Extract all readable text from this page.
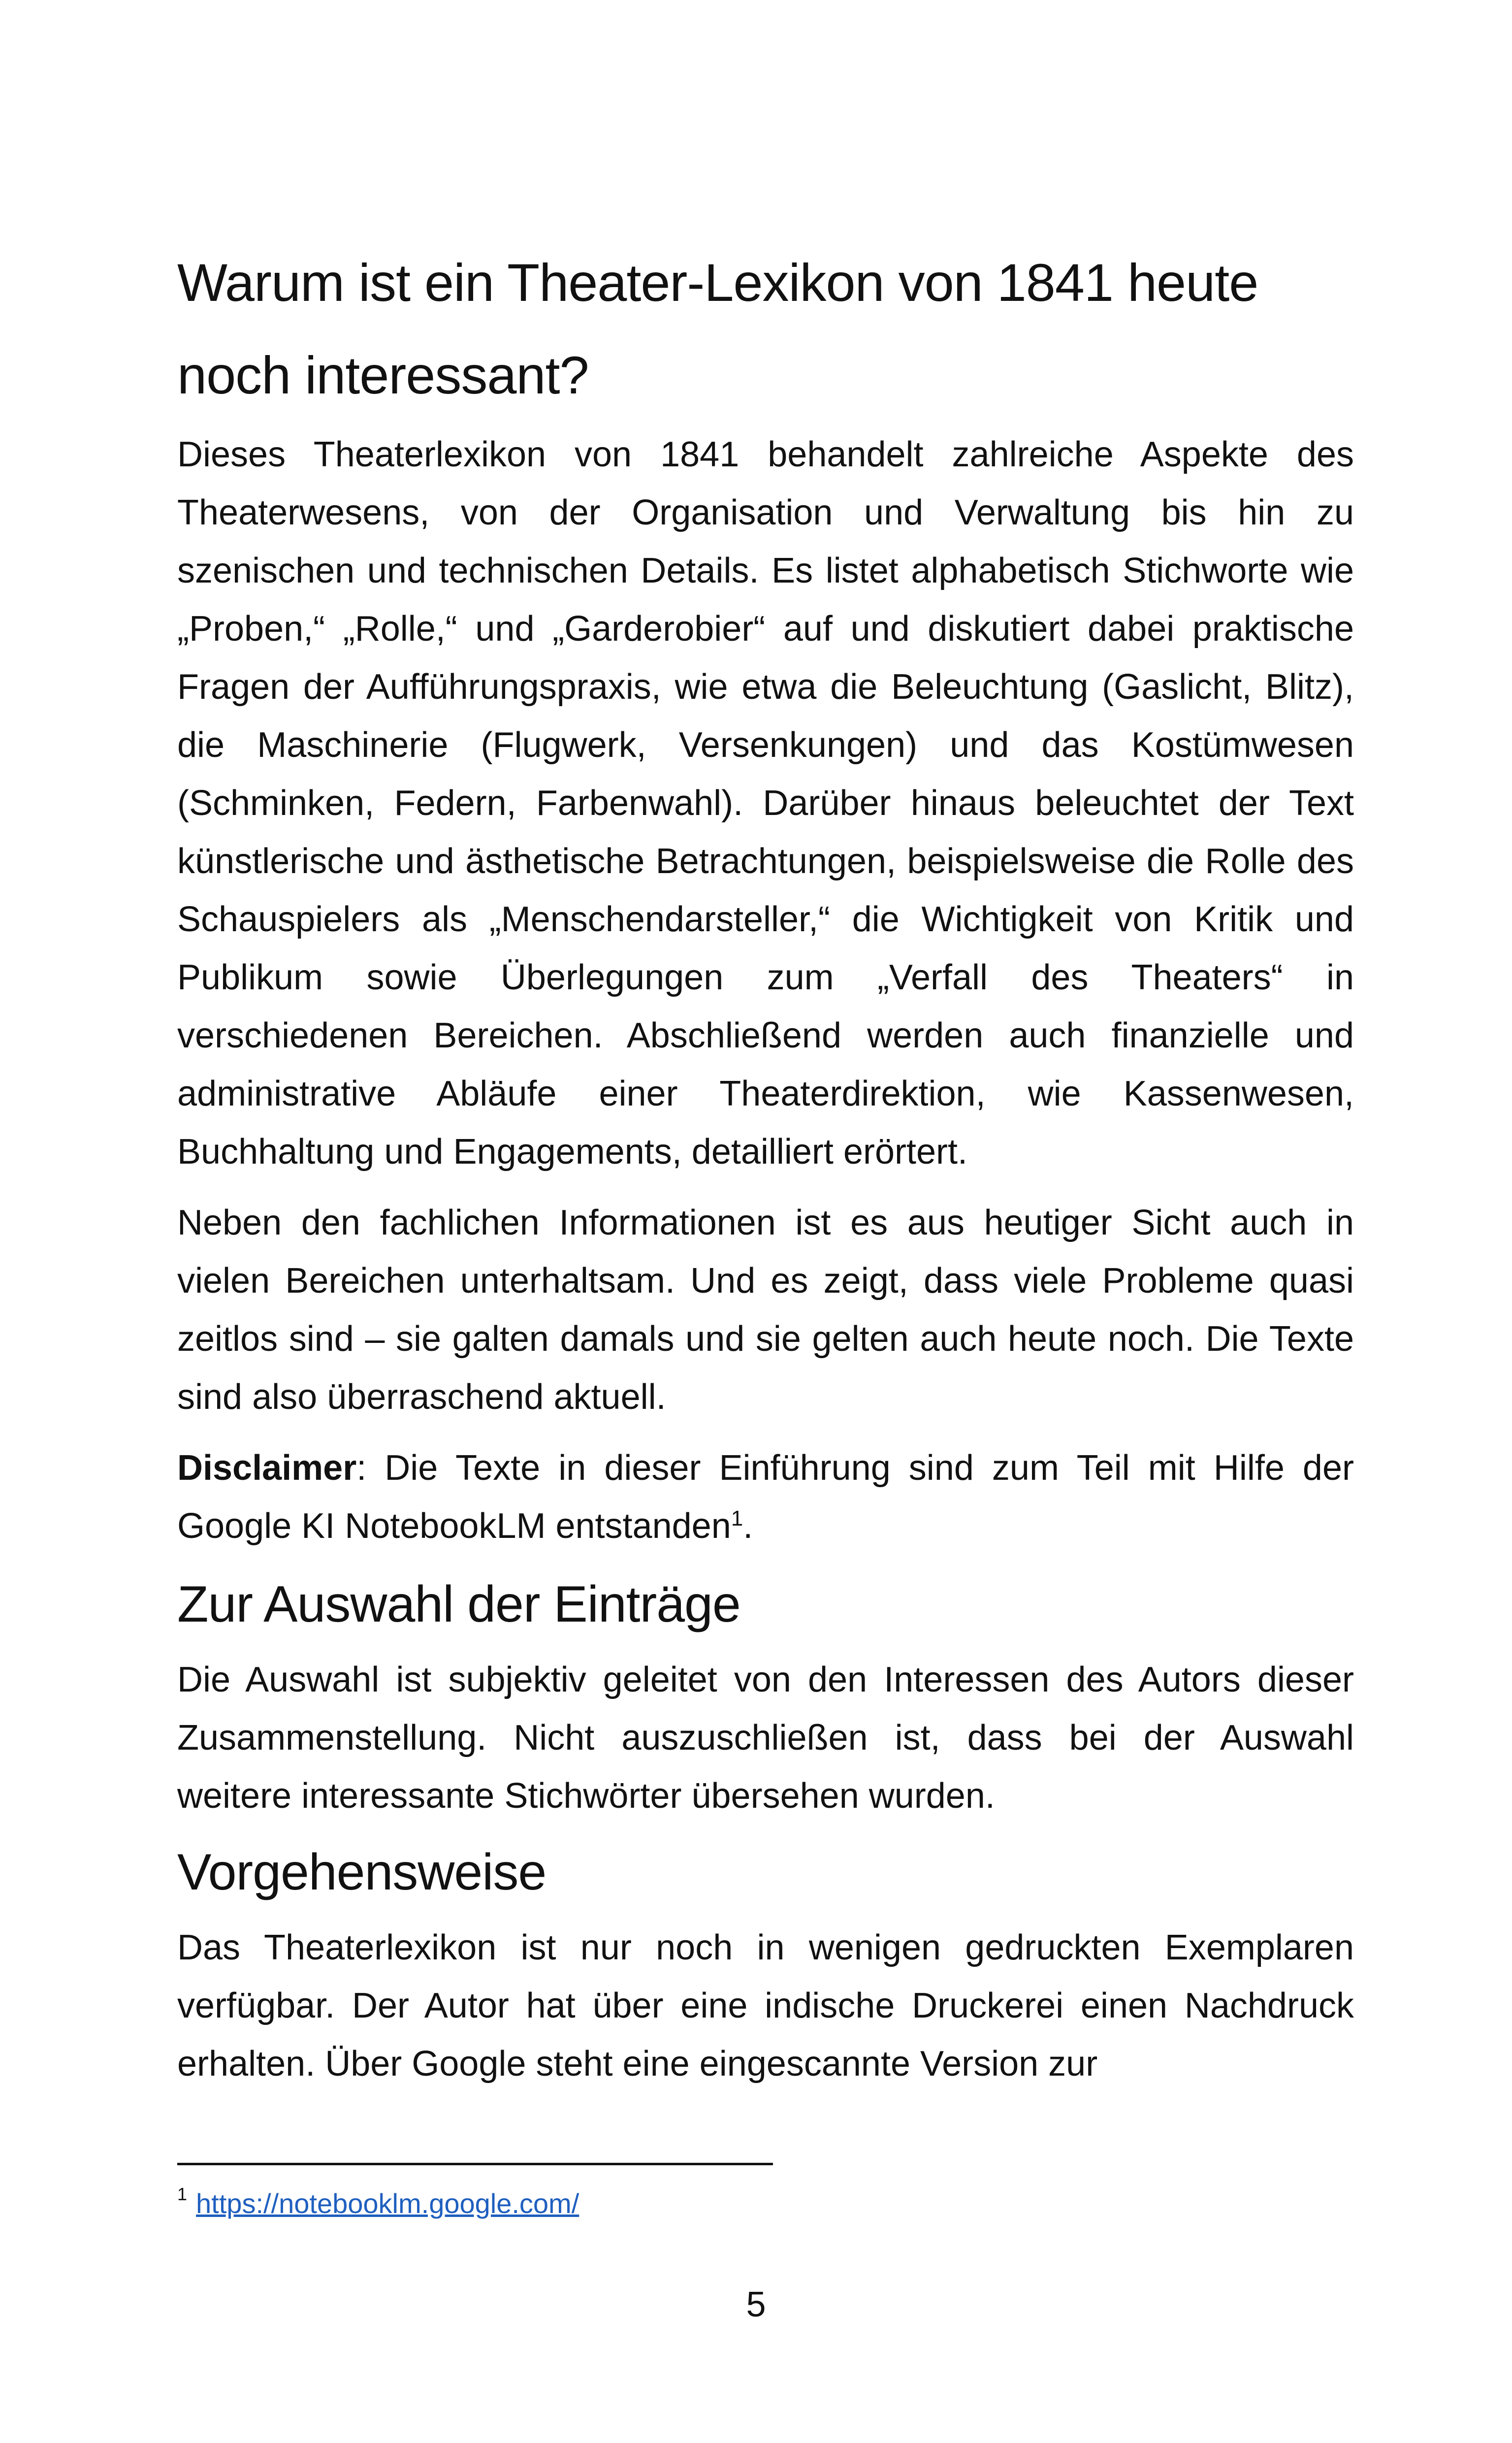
Warum ist ein Theater-Lexikon von 1841 heute noch interessant?

Dieses Theaterlexikon von 1841 behandelt zahlreiche Aspekte des Theaterwesens, von der Organisation und Verwaltung bis hin zu szenischen und technischen Details. Es listet alphabetisch Stichworte wie „Proben,“ „Rolle,“ und „Garderobier“ auf und diskutiert dabei praktische Fragen der Aufführungspraxis, wie etwa die Beleuchtung (Gaslicht, Blitz), die Maschinerie (Flugwerk, Versenkungen) und das Kostümwesen (Schminken, Federn, Farbenwahl). Darüber hinaus beleuchtet der Text künstlerische und ästhetische Betrachtungen, beispielsweise die Rolle des Schauspielers als „Menschendarsteller,“ die Wichtigkeit von Kritik und Publikum sowie Überlegungen zum „Verfall des Theaters“ in verschiedenen Bereichen. Abschließend werden auch finanzielle und administrative Abläufe einer Theaterdirektion, wie Kassenwesen, Buchhaltung und Engagements, detailliert erörtert.

Neben den fachlichen Informationen ist es aus heutiger Sicht auch in vielen Bereichen unterhaltsam. Und es zeigt, dass viele Probleme quasi zeitlos sind – sie galten damals und sie gelten auch heute noch. Die Texte sind also überraschend aktuell.

Disclaimer: Die Texte in dieser Einführung sind zum Teil mit Hilfe der Google KI NotebookLM entstanden$^1$.

Zur Auswahl der Einträge

Die Auswahl ist subjektiv geleitet von den Interessen des Autors dieser Zusammenstellung. Nicht auszuschließen ist, dass bei der Auswahl weitere interessante Stichwörter übersehen wurden.

Vorgehensweise

Das Theaterlexikon ist nur noch in wenigen gedruckten Exemplaren verfügbar. Der Autor hat über eine indische Druckerei einen Nachdruck erhalten. Über Google steht eine eingescannte Version zur

$^1$ https://notebooklm.google.com/
5
